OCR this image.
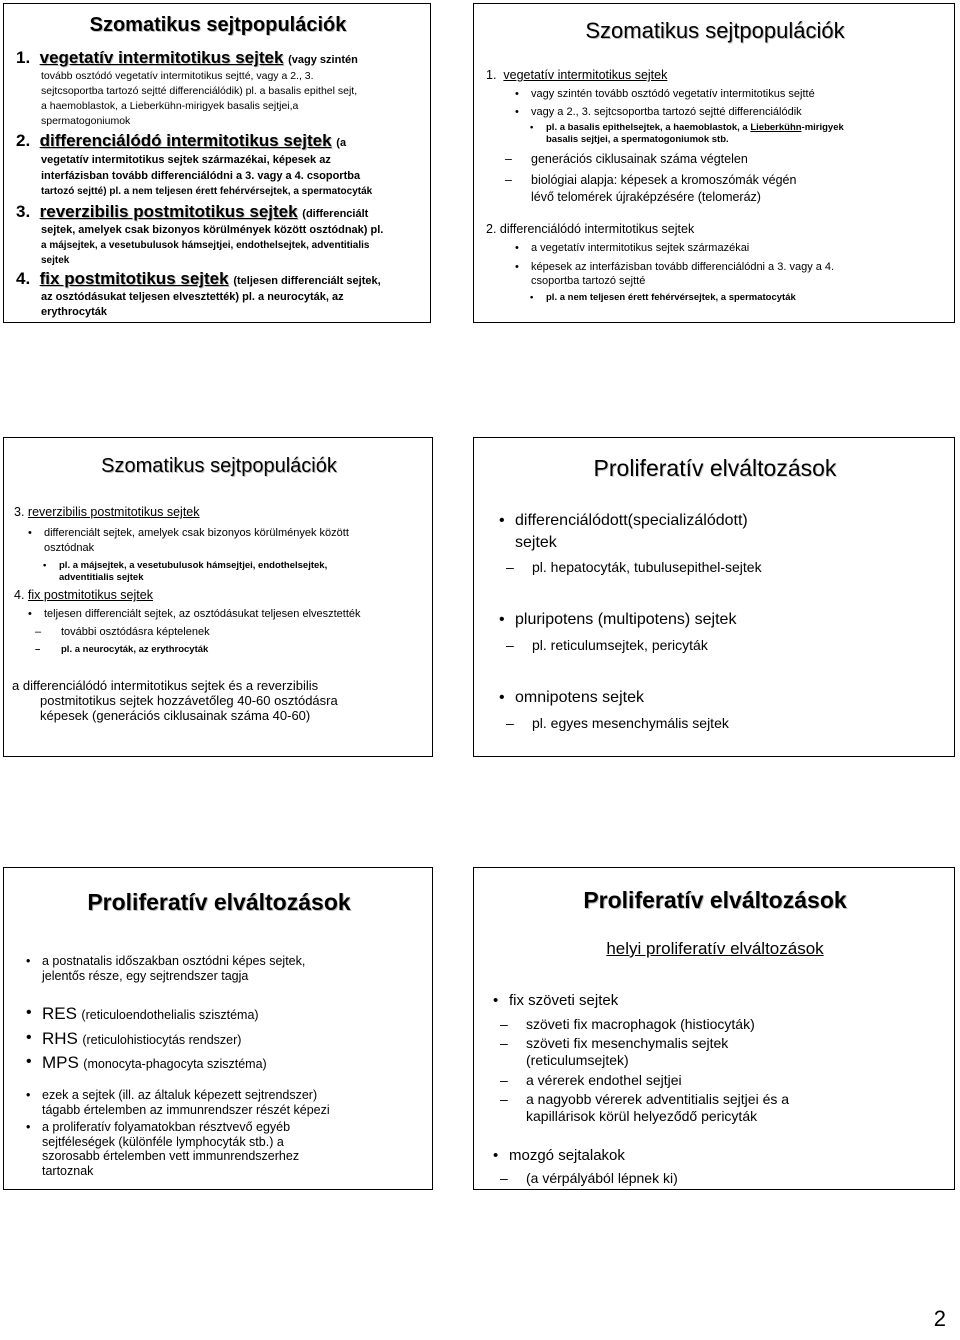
Szomatikus sejtpopulációk
1. vegetatív intermitotikus sejtek (vagy szintén
tovább osztódó vegetatív intermitotikus sejtté, vagy a 2., 3.
sejtcsoportba tartozó sejtté differenciálódik) pl. a basalis epithel sejt,
a haemoblastok, a Lieberkühn-mirigyek basalis sejtjei,a
spermatogoniumok
2. differenciálódó intermitotikus sejtek (a
vegetatív intermitotikus sejtek származékai, képesek az
interfázisban tovább differenciálódni a 3. vagy a 4. csoportba
tartozó sejtté) pl. a nem teljesen érett fehérvérsejtek, a spermatocyták
3. reverzibilis postmitotikus sejtek (differenciált
sejtek, amelyek csak bizonyos körülmények között osztódnak) pl.
a májsejtek, a vesetubulusok hámsejtjei, endothelsejtek, adventitialis
sejtek
4. fix postmitotikus sejtek (teljesen differenciált sejtek,
az osztódásukat teljesen elvesztették) pl. a neurocyták, az
erythrocyták
Szomatikus sejtpopulációk
1. vegetatív intermitotikus sejtek
• vagy szintén tovább osztódó vegetatív intermitotikus sejtté
• vagy a 2., 3. sejtcsoportba tartozó sejtté differenciálódik
• pl. a basalis epithelsejtek, a haemoblastok, a Lieberkühn-mirigyek
basalis sejtjei, a spermatogoniumok stb.
– generációs ciklusainak száma végtelen
– biológiai alapja: képesek a kromoszómák végén
lévő telomérek újraképzésére (telomeráz)
2. differenciálódó intermitotikus sejtek
• a vegetatív intermitotikus sejtek származékai
• képesek az interfázisban tovább differenciálódni a 3. vagy a 4.
csoportba tartozó sejtté
• pl. a nem teljesen érett fehérvérsejtek, a spermatocyták
Szomatikus sejtpopulációk
3. reverzibilis postmitotikus sejtek
• differenciált sejtek, amelyek csak bizonyos körülmények között
osztódnak
• pl. a májsejtek, a vesetubulusok hámsejtjei, endothelsejtek,
adventitialis sejtek
4. fix postmitotikus sejtek
• teljesen differenciált sejtek, az osztódásukat teljesen elvesztették
– további osztódásra képtelenek
– pl. a neurocyták, az erythrocyták
a differenciálódó intermitotikus sejtek és a reverzibilis
postmitotikus sejtek hozzávetőleg 40-60 osztódásra
képesek (generációs ciklusainak száma 40-60)
Proliferatív elváltozások
• differenciálódott(specializálódott)
sejtek
– pl. hepatocyták, tubulusepithel-sejtek
• pluripotens (multipotens) sejtek
– pl. reticulumsejtek, pericyták
• omnipotens sejtek
– pl. egyes mesenchymális sejtek
Proliferatív elváltozások
• a postnatalis időszakban osztódni képes sejtek,
jelentős része, egy sejtrendszer tagja
• RES (reticuloendothelialis szisztéma)
• RHS (reticulohistiocytás rendszer)
• MPS (monocyta-phagocyta szisztéma)
• ezek a sejtek (ill. az általuk képezett sejtrendszer)
tágabb értelemben az immunrendszer részét képezi
• a proliferatív folyamatokban résztvevő egyéb
sejtféleségek (különféle lymphocyták stb.) a
szorosabb értelemben vett immunrendszerhez
tartoznak
Proliferatív elváltozások
helyi proliferatív elváltozások
• fix szöveti sejtek
– szöveti fix macrophagok (histiocyták)
– szöveti fix mesenchymalis sejtek
(reticulumsejtek)
– a vérerek endothel sejtjei
– a nagyobb vérerek adventitialis sejtjei és a
kapillárisok körül helyeződő pericyták
• mozgó sejtalakok
– (a vérpályából lépnek ki)
2
